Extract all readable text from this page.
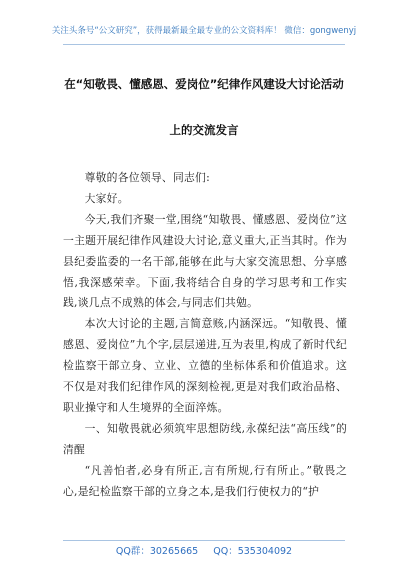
关注头条号“公文研究”，获得最新最全最专业的公文资料库！ 微信：gongwenyj
在“知敬畏、懂感恩、爱岗位”纪律作风建设大讨论活动
上的交流发言

尊敬的各位领导、同志们:

大家好。

今天,我们齐聚一堂,围绕“知敬畏、懂感恩、爱岗位”这一主题开展纪律作风建设大讨论,意义重大,正当其时。作为县纪委监委的一名干部,能够在此与大家交流思想、分享感悟,我深感荣幸。下面,我将结合自身的学习思考和工作实践,谈几点不成熟的体会,与同志们共勉。

本次大讨论的主题,言简意赅,内涵深远。“知敬畏、懂感恩、爱岗位”九个字,层层递进,互为表里,构成了新时代纪检监察干部立身、立业、立德的坐标体系和价值追求。这不仅是对我们纪律作风的深刻检视,更是对我们政治品格、职业操守和人生境界的全面淬炼。

一、知敬畏就必须筑牢思想防线,永葆纪法“高压线”的清醒

“凡善怕者,必身有所正,言有所规,行有所止。”敬畏之心,是纪检监察干部的立身之本,是我们行使权力的“护

QQ群：30265665 QQ：535304092
